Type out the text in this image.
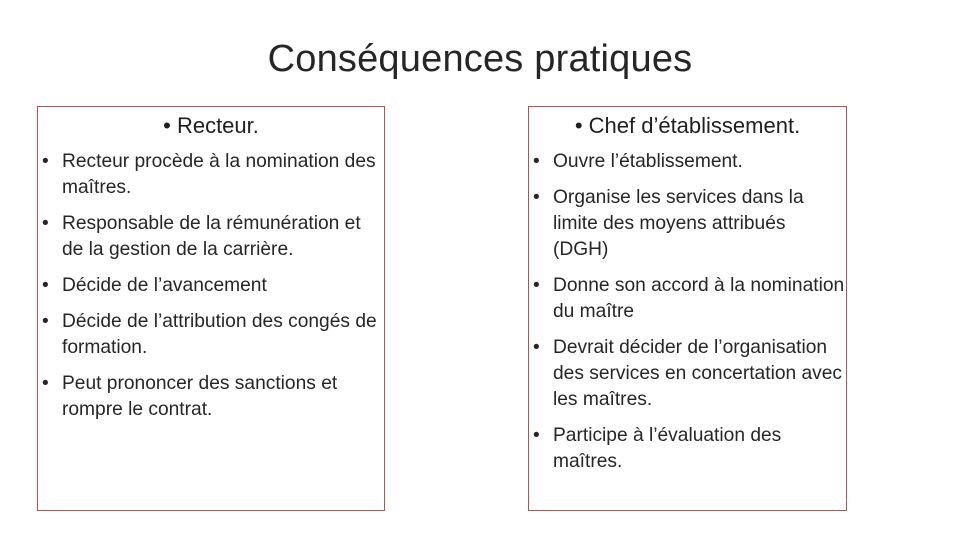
Conséquences pratiques
• Recteur.
• Recteur procède à la nomination des maîtres.
• Responsable de la rémunération et de la gestion de la carrière.
• Décide de l’avancement
• Décide de l’attribution des congés de formation.
• Peut prononcer des sanctions et rompre le contrat.
• Chef d’établissement.
• Ouvre l’établissement.
• Organise les services dans la limite des moyens attribués (DGH)
• Donne son accord à la nomination du maître
• Devrait décider de l’organisation des services en concertation avec les maîtres.
• Participe à l’évaluation des maîtres.
